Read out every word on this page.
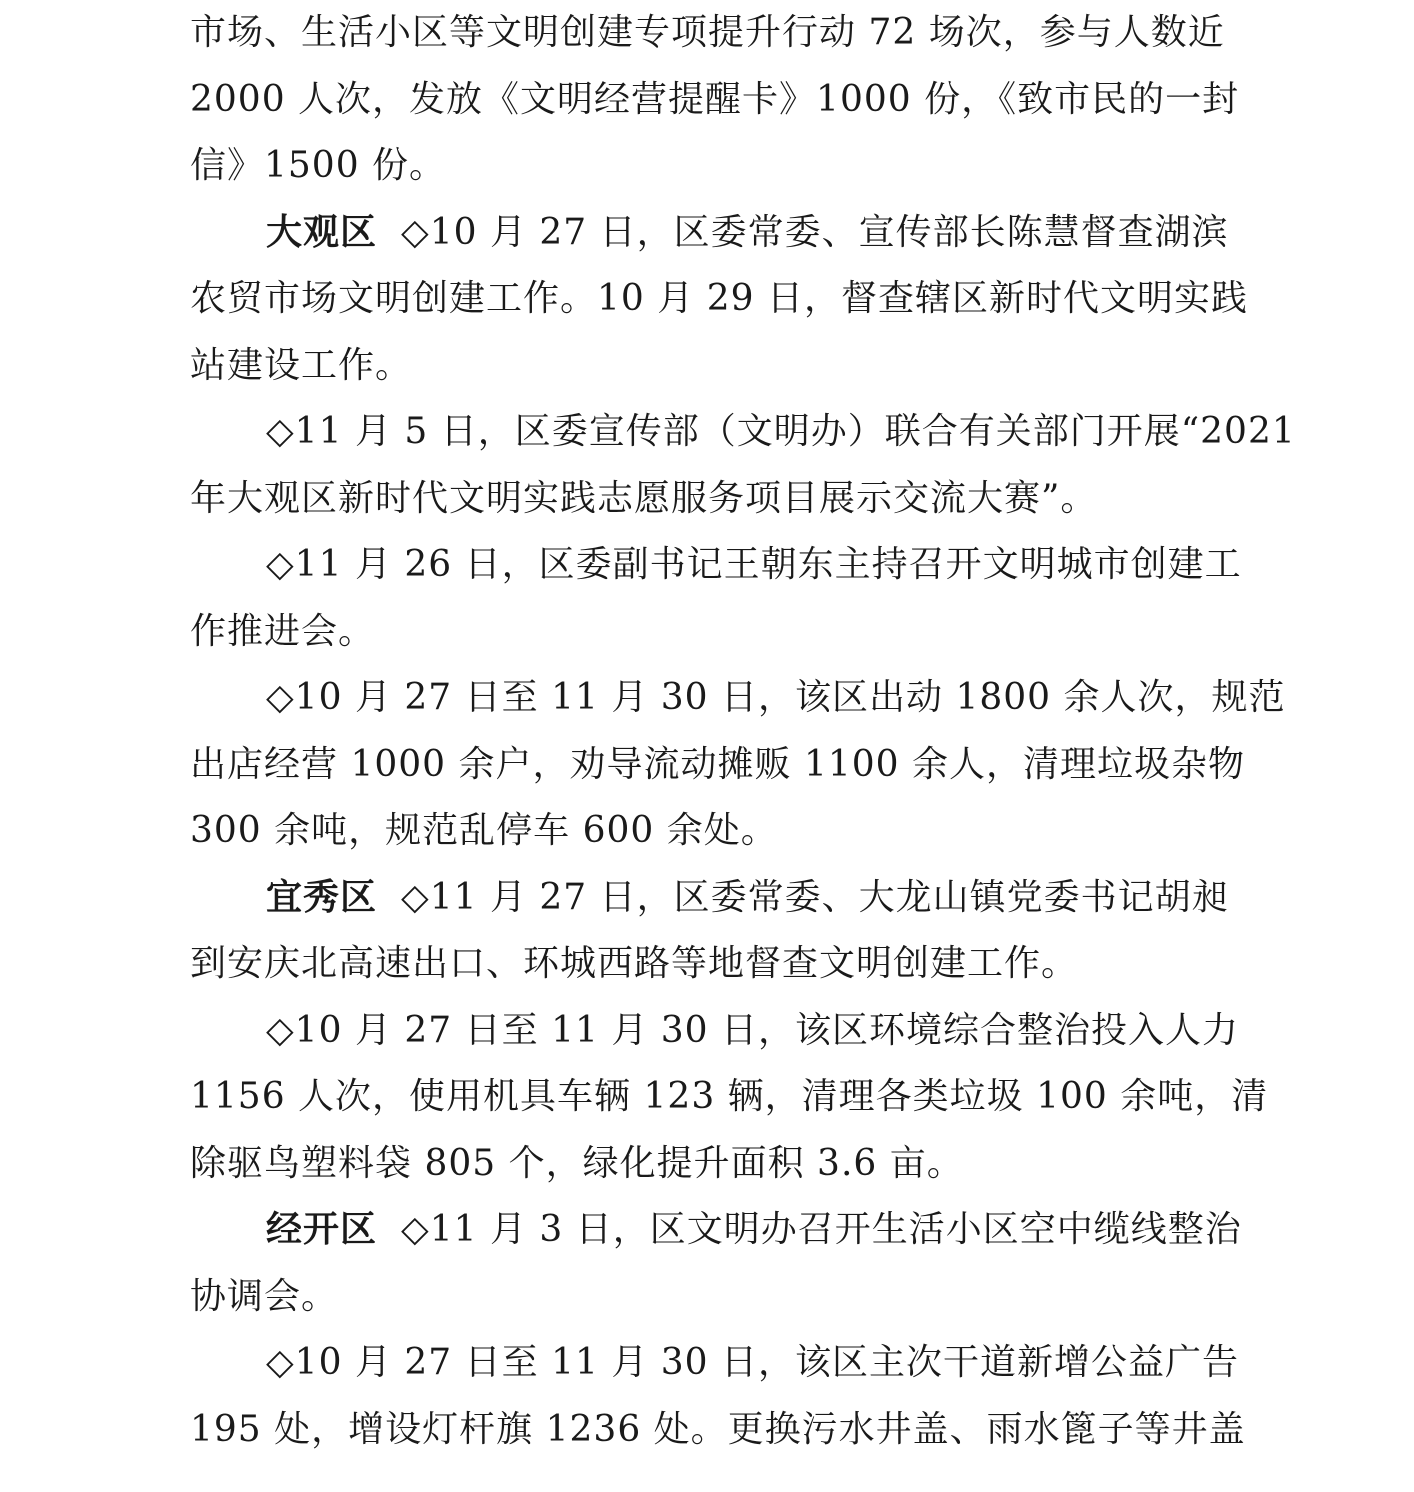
市场、生活小区等文明创建专项提升行动 72 场次，参与人数近
2000 人次，发放《文明经营提醒卡》1000 份，《致市民的一封
信》1500 份。
大观区 ◇10 月 27 日，区委常委、宣传部长陈慧督查湖滨
农贸市场文明创建工作。10 月 29 日，督查辖区新时代文明实践
站建设工作。
◇11 月 5 日，区委宣传部（文明办）联合有关部门开展“2021
年大观区新时代文明实践志愿服务项目展示交流大赛”。
◇11 月 26 日，区委副书记王朝东主持召开文明城市创建工
作推进会。
◇10 月 27 日至 11 月 30 日，该区出动 1800 余人次，规范
出店经营 1000 余户，劝导流动摊贩 1100 余人，清理垃圾杂物
300 余吨，规范乱停车 600 余处。
宜秀区 ◇11 月 27 日，区委常委、大龙山镇党委书记胡昶
到安庆北高速出口、环城西路等地督查文明创建工作。
◇10 月 27 日至 11 月 30 日，该区环境综合整治投入人力
1156 人次，使用机具车辆 123 辆，清理各类垃圾 100 余吨，清
除驱鸟塑料袋 805 个，绿化提升面积 3.6 亩。
经开区 ◇11 月 3 日，区文明办召开生活小区空中缆线整治
协调会。
◇10 月 27 日至 11 月 30 日，该区主次干道新增公益广告
195 处，增设灯杆旗 1236 处。更换污水井盖、雨水篦子等井盖
